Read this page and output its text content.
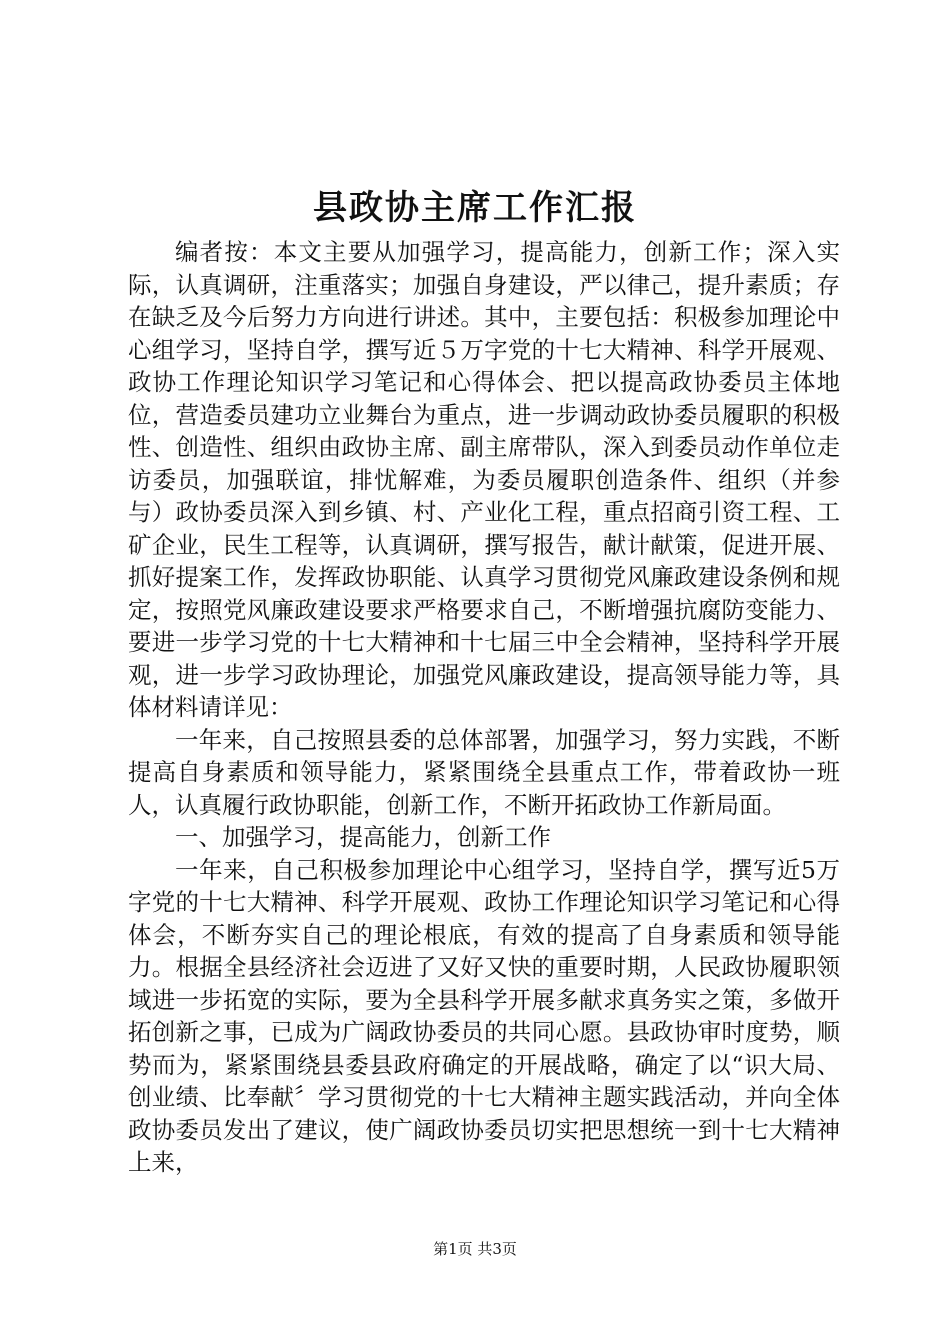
县政协主席工作汇报

编者按：本文主要从加强学习，提高能力，创新工作；深入实际，认真调研，注重落实；加强自身建设，严以律己，提升素质；存在缺乏及今后努力方向进行讲述。其中，主要包括：积极参加理论中心组学习，坚持自学，撰写近５万字党的十七大精神、科学开展观、政协工作理论知识学习笔记和心得体会、把以提高政协委员主体地位，营造委员建功立业舞台为重点，进一步调动政协委员履职的积极性、创造性、组织由政协主席、副主席带队，深入到委员动作单位走访委员，加强联谊，排忧解难，为委员履职创造条件、组织（并参与）政协委员深入到乡镇、村、产业化工程，重点招商引资工程、工矿企业，民生工程等，认真调研，撰写报告，献计献策，促进开展、抓好提案工作，发挥政协职能、认真学习贯彻党风廉政建设条例和规定，按照党风廉政建设要求严格要求自己，不断增强抗腐防变能力、要进一步学习党的十七大精神和十七届三中全会精神，坚持科学开展观，进一步学习政协理论，加强党风廉政建设，提高领导能力等，具体材料请详见：

一年来，自己按照县委的总体部署，加强学习，努力实践，不断提高自身素质和领导能力，紧紧围绕全县重点工作，带着政协一班人，认真履行政协职能，创新工作，不断开拓政协工作新局面。

一、加强学习，提高能力，创新工作

一年来，自己积极参加理论中心组学习，坚持自学，撰写近5万字党的十七大精神、科学开展观、政协工作理论知识学习笔记和心得体会，不断夯实自己的理论根底，有效的提高了自身素质和领导能力。根据全县经济社会迈进了又好又快的重要时期，人民政协履职领域进一步拓宽的实际，要为全县科学开展多献求真务实之策，多做开拓创新之事，已成为广阔政协委员的共同心愿。县政协审时度势，顺势而为，紧紧围绕县委县政府确定的开展战略，确定了以“识大局、创业绩、比奉献〞学习贯彻党的十七大精神主题实践活动，并向全体政协委员发出了建议，使广阔政协委员切实把思想统一到十七大精神上来，

第1页 共3页
